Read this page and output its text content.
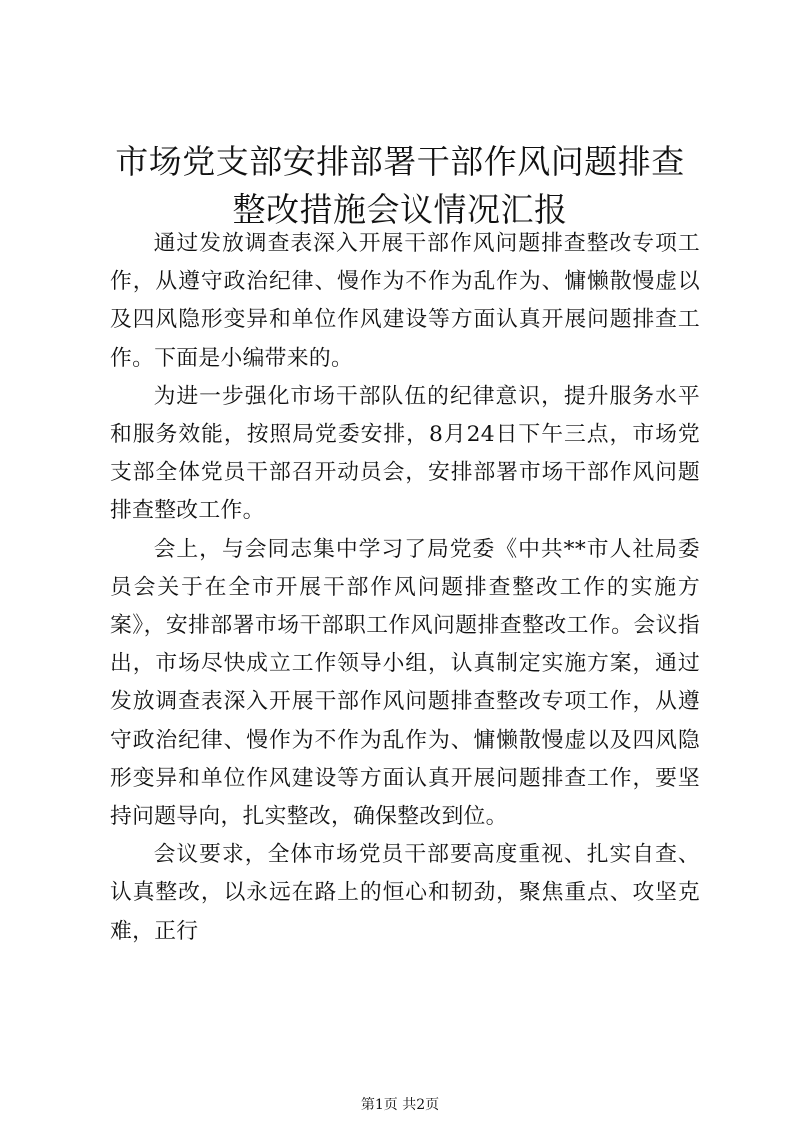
市场党支部安排部署干部作风问题排查整改措施会议情况汇报

通过发放调查表深入开展干部作风问题排查整改专项工作，从遵守政治纪律、慢作为不作为乱作为、慵懒散慢虚以及四风隐形变异和单位作风建设等方面认真开展问题排查工作。下面是小编带来的。

为进一步强化市场干部队伍的纪律意识，提升服务水平和服务效能，按照局党委安排，8月24日下午三点，市场党支部全体党员干部召开动员会，安排部署市场干部作风问题排查整改工作。

会上，与会同志集中学习了局党委《中共**市人社局委员会关于在全市开展干部作风问题排查整改工作的实施方案》，安排部署市场干部职工作风问题排查整改工作。会议指出，市场尽快成立工作领导小组，认真制定实施方案，通过发放调查表深入开展干部作风问题排查整改专项工作，从遵守政治纪律、慢作为不作为乱作为、慵懒散慢虚以及四风隐形变异和单位作风建设等方面认真开展问题排查工作，要坚持问题导向，扎实整改，确保整改到位。

会议要求，全体市场党员干部要高度重视、扎实自查、认真整改，以永远在路上的恒心和韧劲，聚焦重点、攻坚克难，正行

第1页 共2页
